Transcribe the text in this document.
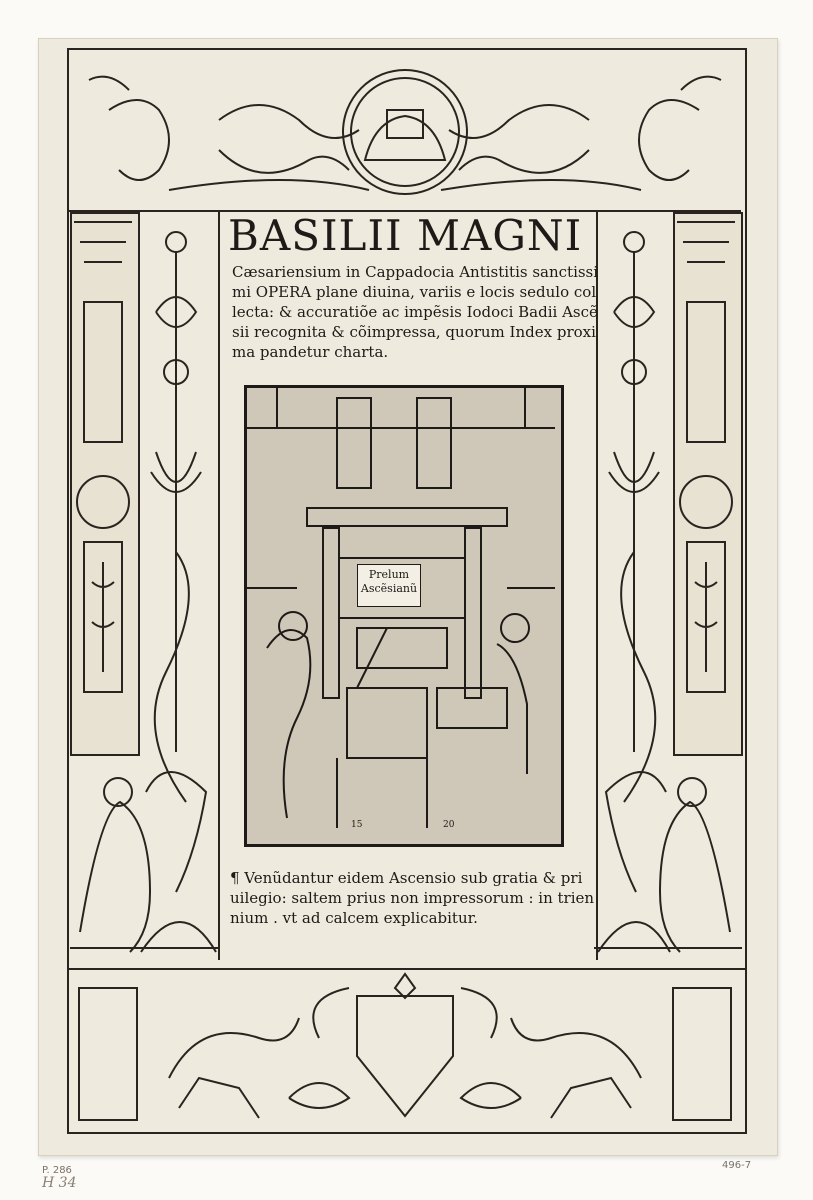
BASILII MAGNI
Cæsariensium in Cappadocia Antistitis sanctissi
mi OPERA plane diuina, variis e locis sedulo col
lecta: & accuratiõe ac impẽsis Iodoci Badii Ascẽ
sii recognita & cõimpressa, quorum Index proxi
ma pandetur charta.
Prelum
Ascẽsianũ
15	20
¶ Venũdantur eidem Ascensio sub gratia & pri
uilegio: saltem prius non impressorum : in trien
nium . vt ad calcem explicabitur.
P. 286
H 34
496-7
